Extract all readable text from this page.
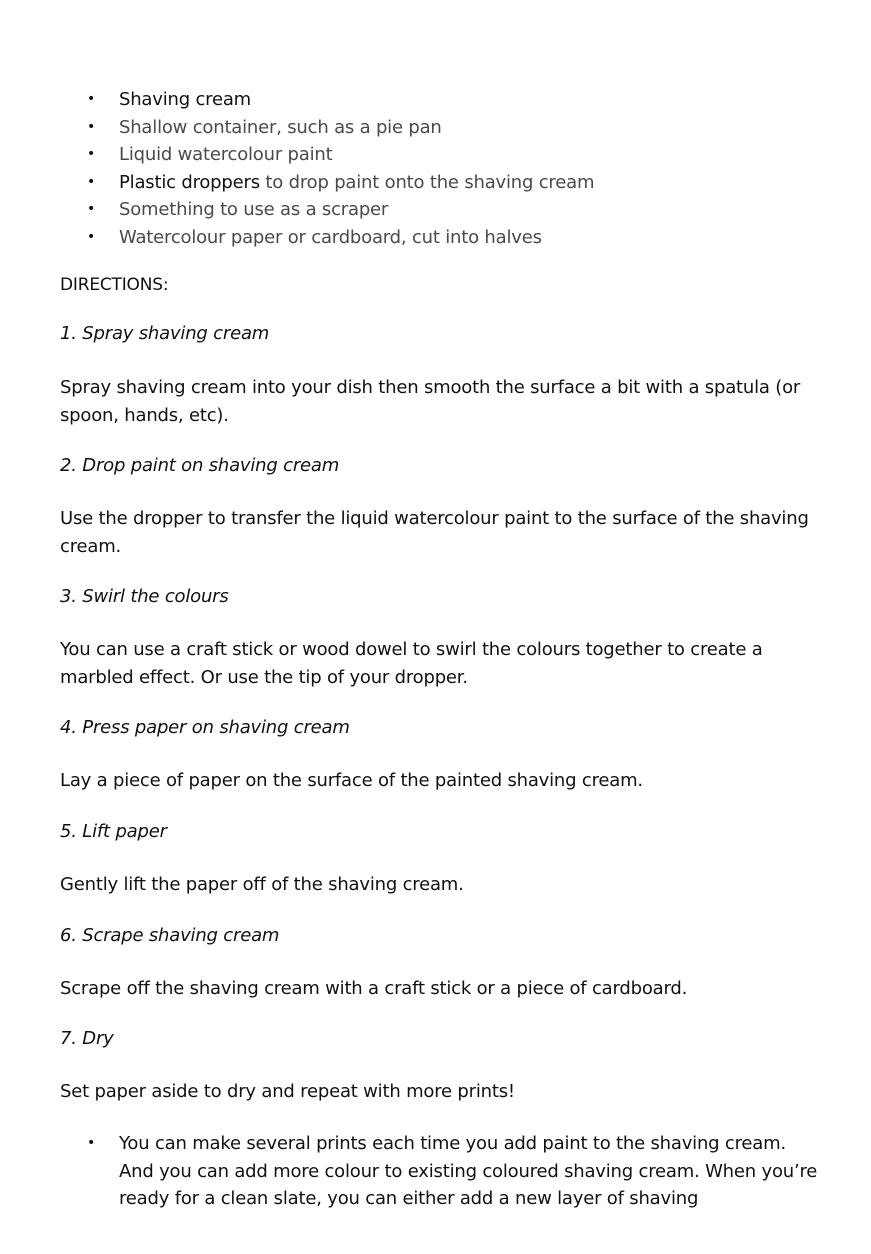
• Shaving cream
• Shallow container, such as a pie pan
• Liquid watercolour paint
• Plastic droppers to drop paint onto the shaving cream
• Something to use as a scraper
• Watercolour paper or cardboard, cut into halves

DIRECTIONS:

1. Spray shaving cream

Spray shaving cream into your dish then smooth the surface a bit with a spatula (or spoon, hands, etc).

2. Drop paint on shaving cream

Use the dropper to transfer the liquid watercolour paint to the surface of the shaving cream.

3. Swirl the colours

You can use a craft stick or wood dowel to swirl the colours together to create a marbled effect. Or use the tip of your dropper.

4. Press paper on shaving cream

Lay a piece of paper on the surface of the painted shaving cream.

5. Lift paper

Gently lift the paper off of the shaving cream.

6. Scrape shaving cream

Scrape off the shaving cream with a craft stick or a piece of cardboard.

7. Dry

Set paper aside to dry and repeat with more prints!

• You can make several prints each time you add paint to the shaving cream. And you can add more colour to existing coloured shaving cream. When you’re ready for a clean slate, you can either add a new layer of shaving
